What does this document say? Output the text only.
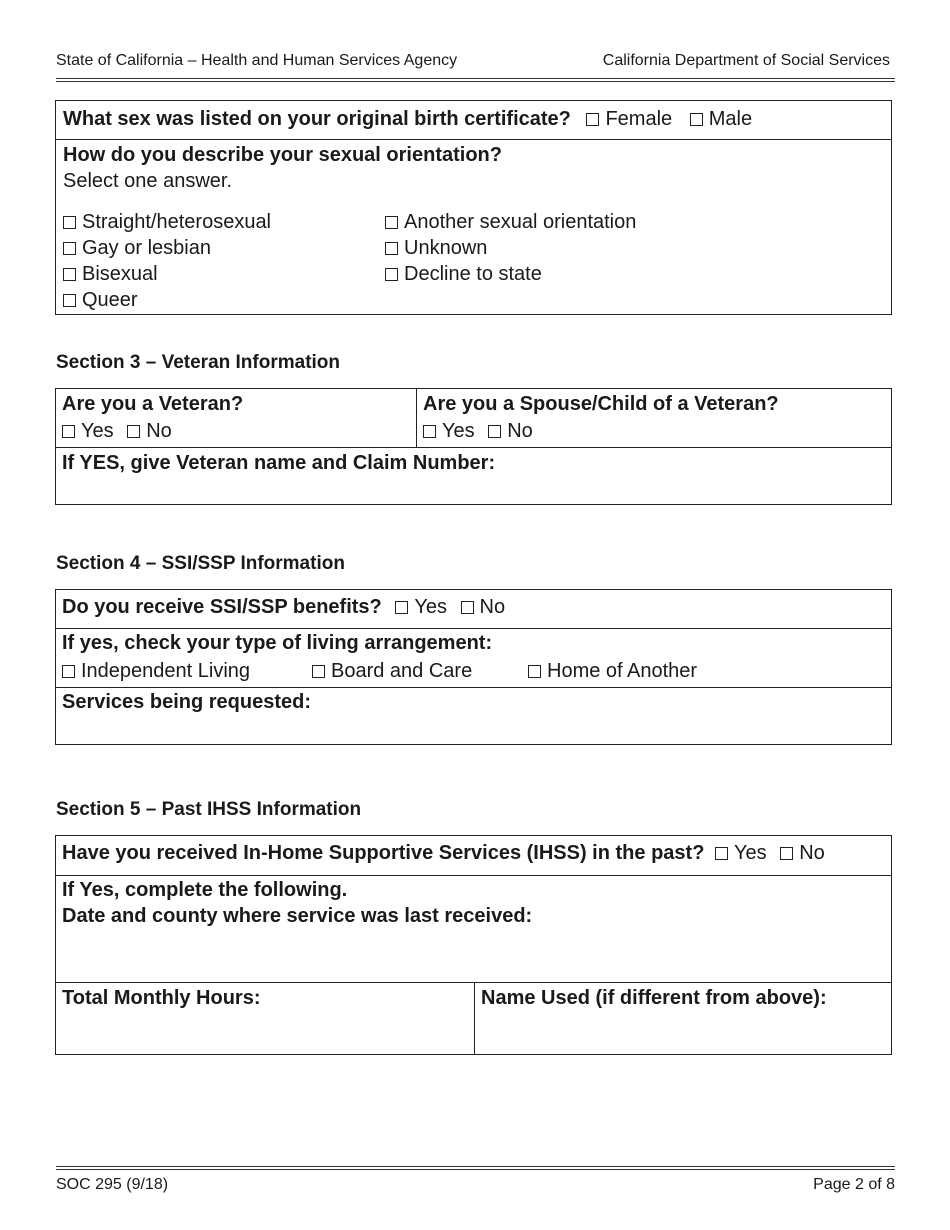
State of California – Health and Human Services Agency	California Department of Social Services
What sex was listed on your original birth certificate? Female Male
How do you describe your sexual orientation?
Select one answer.
Straight/heterosexual
Gay or lesbian
Bisexual
Queer
Another sexual orientation
Unknown
Decline to state
Section 3 – Veteran Information
Are you a Veteran?
Yes No
Are you a Spouse/Child of a Veteran?
Yes No
If YES, give Veteran name and Claim Number:
Section 4 – SSI/SSP Information
Do you receive SSI/SSP benefits? Yes No
If yes, check your type of living arrangement:
Independent Living	Board and Care	Home of Another
Services being requested:
Section 5 – Past IHSS Information
Have you received In-Home Supportive Services (IHSS) in the past? Yes No
If Yes, complete the following.
Date and county where service was last received:
Total Monthly Hours:	Name Used (if different from above):
SOC 295 (9/18)	Page 2 of 8
